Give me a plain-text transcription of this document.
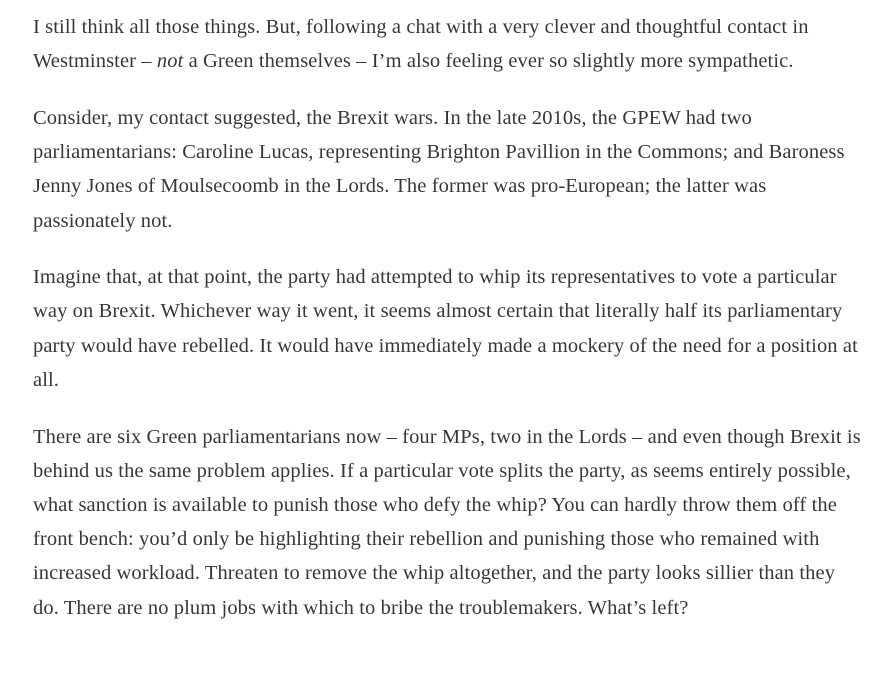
I still think all those things. But, following a chat with a very clever and thoughtful contact in Westminster – not a Green themselves – I’m also feeling ever so slightly more sympathetic.

Consider, my contact suggested, the Brexit wars. In the late 2010s, the GPEW had two parliamentarians: Caroline Lucas, representing Brighton Pavillion in the Commons; and Baroness Jenny Jones of Moulsecoomb in the Lords. The former was pro-European; the latter was passionately not.

Imagine that, at that point, the party had attempted to whip its representatives to vote a particular way on Brexit. Whichever way it went, it seems almost certain that literally half its parliamentary party would have rebelled. It would have immediately made a mockery of the need for a position at all.

There are six Green parliamentarians now – four MPs, two in the Lords – and even though Brexit is behind us the same problem applies. If a particular vote splits the party, as seems entirely possible, what sanction is available to punish those who defy the whip? You can hardly throw them off the front bench: you’d only be highlighting their rebellion and punishing those who remained with increased workload. Threaten to remove the whip altogether, and the party looks sillier than they do. There are no plum jobs with which to bribe the troublemakers. What’s left?
